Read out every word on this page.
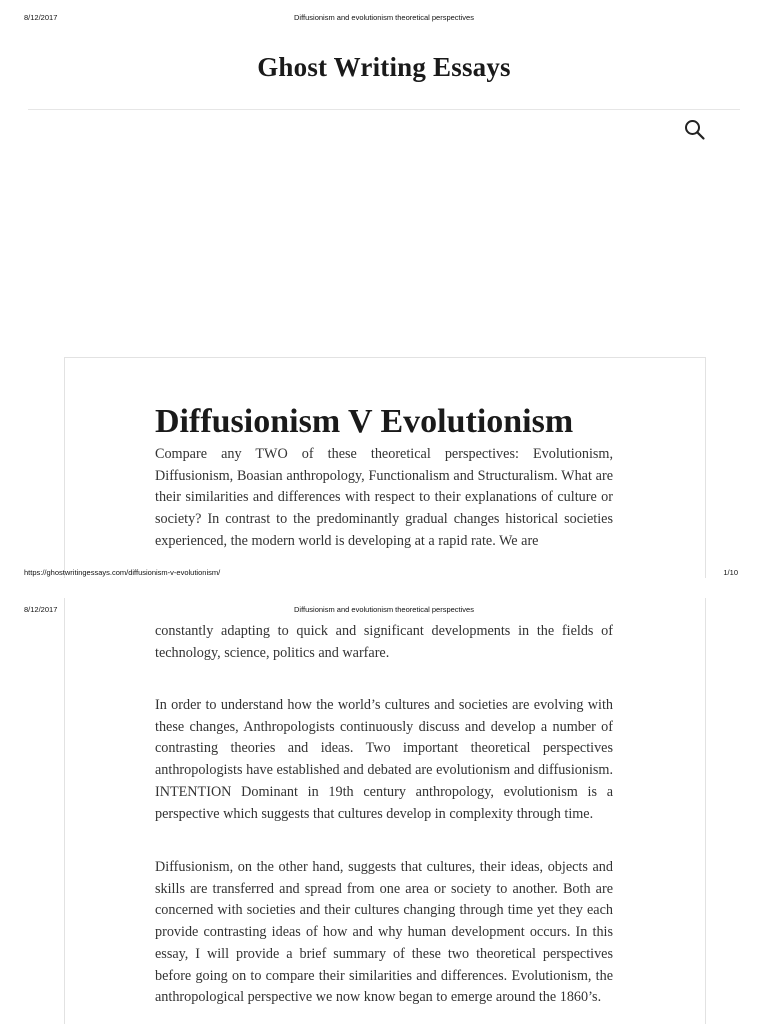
8/12/2017	Diffusionism and evolutionism theoretical perspectives
Ghost Writing Essays
Diffusionism V Evolutionism

Compare any TWO of these theoretical perspectives: Evolutionism, Diffusionism, Boasian anthropology, Functionalism and Structuralism. What are their similarities and differences with respect to their explanations of culture or society? In contrast to the predominantly gradual changes historical societies experienced, the modern world is developing at a rapid rate. We are

https://ghostwritingessays.com/diffusionism-v-evolutionism/	1/10
8/12/2017	Diffusionism and evolutionism theoretical perspectives

constantly adapting to quick and significant developments in the fields of technology, science, politics and warfare.

In order to understand how the world’s cultures and societies are evolving with these changes, Anthropologists continuously discuss and develop a number of contrasting theories and ideas. Two important theoretical perspectives anthropologists have established and debated are evolutionism and diffusionism. INTENTION Dominant in 19th century anthropology, evolutionism is a perspective which suggests that cultures develop in complexity through time.

Diffusionism, on the other hand, suggests that cultures, their ideas, objects and skills are transferred and spread from one area or society to another. Both are concerned with societies and their cultures changing through time yet they each provide contrasting ideas of how and why human development occurs. In this essay, I will provide a brief summary of these two theoretical perspectives before going on to compare their similarities and differences. Evolutionism, the anthropological perspective we now know began to emerge around the 1860’s.
